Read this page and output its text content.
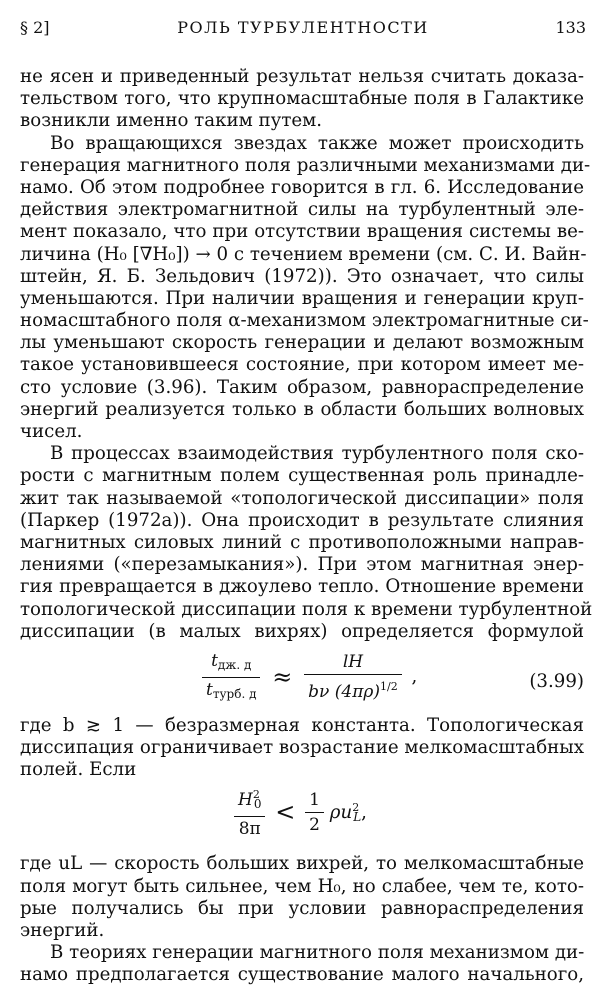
§ 2]	РОЛЬ ТУРБУЛЕНТНОСТИ	133
не ясен и приведенный результат нельзя считать доказа-
тельством того, что крупномасштабные поля в Галактике
возникли именно таким путем.
Во вращающихся звездах также может происходить
генерация магнитного поля различными механизмами ди-
намо. Об этом подробнее говорится в гл. 6. Исследование
действия электромагнитной силы на турбулентный эле-
мент показало, что при отсутствии вращения системы ве-
личина (H₀ [∇H₀]) → 0 с течением времени (см. С. И. Вайн-
штейн, Я. Б. Зельдович (1972)). Это означает, что силы
уменьшаются. При наличии вращения и генерации круп-
номасштабного поля α-механизмом электромагнитные си-
лы уменьшают скорость генерации и делают возможным
такое установившееся состояние, при котором имеет ме-
сто условие (3.96). Таким образом, равнораспределение
энергий реализуется только в области больших волновых
чисел.
В процессах взаимодействия турбулентного поля ско-
рости с магнитным полем существенная роль принадле-
жит так называемой «топологической диссипации» поля
(Паркер (1972а)). Она происходит в результате слияния
магнитных силовых линий с противоположными направ-
лениями («перезамыкания»). При этом магнитная энер-
гия превращается в джоулево тепло. Отношение времени
топологической диссипации поля к времени турбулентной
диссипации (в малых вихрях) определяется формулой
$\frac{t_{дж. д}}{t_{турб. д}} \approx \frac{lH}{b\nu (4\pi\rho)^{1/2}}$ ,	(3.99)
где b ≳ 1 — безразмерная константа. Топологическая
диссипация ограничивает возрастание мелкомасштабных
полей. Если
$\frac{H^2_0}{8\pi} < \frac{1}{2} \rho u^2_L$,
где uL — скорость больших вихрей, то мелкомасштабные
поля могут быть сильнее, чем H₀, но слабее, чем те, кото-
рые получались бы при условии равнораспределения
энергий.
В теориях генерации магнитного поля механизмом ди-
намо предполагается существование малого начального,
